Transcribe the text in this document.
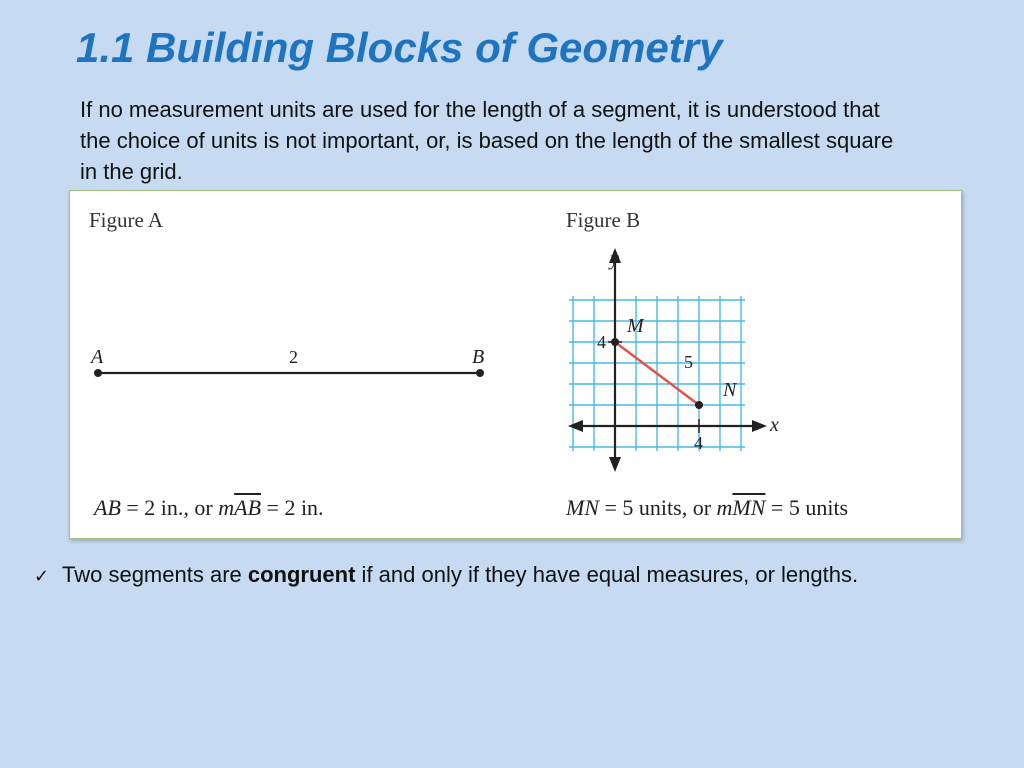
1.1 Building Blocks of Geometry

If no measurement units are used for the length of a segment, it is understood that the choice of units is not important, or, is based on the length of the smallest square in the grid.

Figure A
A	B
2
Figure B
M
N
5
4
4
x
y
AB = 2 in., or $m\overline{AB} = 2$ in.	MN = 5 units, or $m\overline{MN} = 5$ units
✓ Two segments are congruent if and only if they have equal measures, or lengths.
